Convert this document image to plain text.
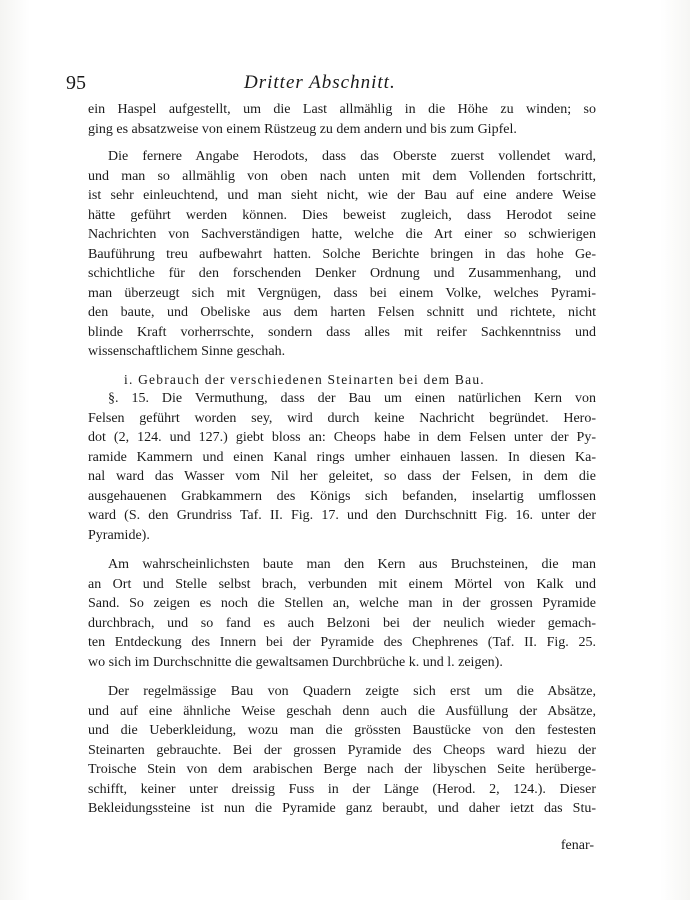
95	Dritter Abschnitt.
ein Haspel aufgestellt, um die Last allmählig in die Höhe zu winden; so
ging es absatzweise von einem Rüstzeug zu dem andern und bis zum Gipfel.
Die fernere Angabe Herodots, dass das Oberste zuerst vollendet ward,
und man so allmählig von oben nach unten mit dem Vollenden fortschritt,
ist sehr einleuchtend, und man sieht nicht, wie der Bau auf eine andere Weise
hätte geführt werden können. Dies beweist zugleich, dass Herodot seine
Nachrichten von Sachverständigen hatte, welche die Art einer so schwierigen
Bauführung treu aufbewahrt hatten. Solche Berichte bringen in das hohe Ge-
schichtliche für den forschenden Denker Ordnung und Zusammenhang, und
man überzeugt sich mit Vergnügen, dass bei einem Volke, welches Pyrami-
den baute, und Obeliske aus dem harten Felsen schnitt und richtete, nicht
blinde Kraft vorherrschte, sondern dass alles mit reifer Sachkenntniss und
wissenschaftlichem Sinne geschah.
i. Gebrauch der verschiedenen Steinarten bei dem Bau.
§. 15. Die Vermuthung, dass der Bau um einen natürlichen Kern von
Felsen geführt worden sey, wird durch keine Nachricht begründet. Hero-
dot (2, 124. und 127.) giebt bloss an: Cheops habe in dem Felsen unter der Py-
ramide Kammern und einen Kanal rings umher einhauen lassen. In diesen Ka-
nal ward das Wasser vom Nil her geleitet, so dass der Felsen, in dem die
ausgehauenen Grabkammern des Königs sich befanden, inselartig umflossen
ward (S. den Grundriss Taf. II. Fig. 17. und den Durchschnitt Fig. 16. unter der
Pyramide).
Am wahrscheinlichsten baute man den Kern aus Bruchsteinen, die man
an Ort und Stelle selbst brach, verbunden mit einem Mörtel von Kalk und
Sand. So zeigen es noch die Stellen an, welche man in der grossen Pyramide
durchbrach, und so fand es auch Belzoni bei der neulich wieder gemach-
ten Entdeckung des Innern bei der Pyramide des Chephrenes (Taf. II. Fig. 25.
wo sich im Durchschnitte die gewaltsamen Durchbrüche k. und l. zeigen).
Der regelmässige Bau von Quadern zeigte sich erst um die Absätze,
und auf eine ähnliche Weise geschah denn auch die Ausfüllung der Absätze,
und die Ueberkleidung, wozu man die grössten Baustücke von den festesten
Steinarten gebrauchte. Bei der grossen Pyramide des Cheops ward hiezu der
Troische Stein von dem arabischen Berge nach der libyschen Seite herüberge-
schifft, keiner unter dreissig Fuss in der Länge (Herod. 2, 124.). Dieser
Bekleidungssteine ist nun die Pyramide ganz beraubt, und daher ietzt das Stu-
fenar-
